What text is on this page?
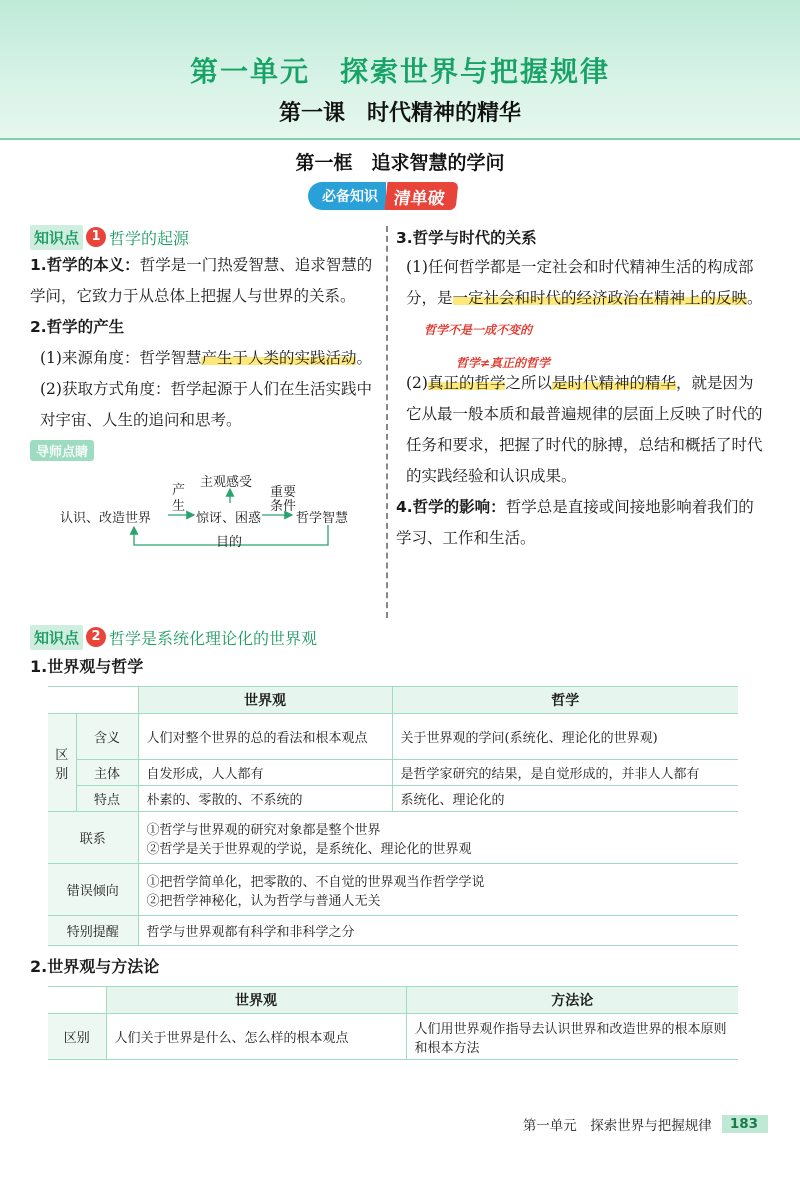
第一单元　探索世界与把握规律
第一课　时代精神的精华
第一框　追求智慧的学问
必备知识 清单破
知识点 1 哲学的起源
1.哲学的本义：哲学是一门热爱智慧、追求智慧的学问，它致力于从总体上把握人与世界的关系。
2.哲学的产生
(1)来源角度：哲学智慧产生于人类的实践活动。
(2)获取方式角度：哲学起源于人们在生活实践中对宇宙、人生的追问和思考。
导师点睛
认识、改造世界	惊讶、困惑	哲学智慧
产
生
主观感受
重要
条件
目的
3.哲学与时代的关系
(1)任何哲学都是一定社会和时代精神生活的构成部分，是一定社会和时代的经济政治在精神上的反映。 哲学不是一成不变的
哲学≠真正的哲学
(2)真正的哲学之所以是时代精神的精华，就是因为它从最一般本质和最普遍规律的层面上反映了时代的任务和要求，把握了时代的脉搏，总结和概括了时代的实践经验和认识成果。
4.哲学的影响：哲学总是直接或间接地影响着我们的学习、工作和生活。
知识点 2 哲学是系统化理论化的世界观
1.世界观与哲学
		世界观	哲学
区别	含义	人们对整个世界的总的看法和根本观点	关于世界观的学问(系统化、理论化的世界观)
	主体	自发形成，人人都有	是哲学家研究的结果，是自觉形成的，并非人人都有
	特点	朴素的、零散的、不系统的	系统化、理论化的
联系		①哲学与世界观的研究对象都是整个世界
②哲学是关于世界观的学说，是系统化、理论化的世界观	

错误倾向		①把哲学简单化，把零散的、不自觉的世界观当作哲学学说
②把哲学神秘化，认为哲学与普通人无关	

特别提醒		哲学与世界观都有科学和非科学之分	
2.世界观与方法论
	世界观	方法论
区别	人们关于世界是什么、怎么样的根本观点	人们用世界观作指导去认识世界和改造世界的根本原则和根本方法
第一单元　探索世界与把握规律	183
